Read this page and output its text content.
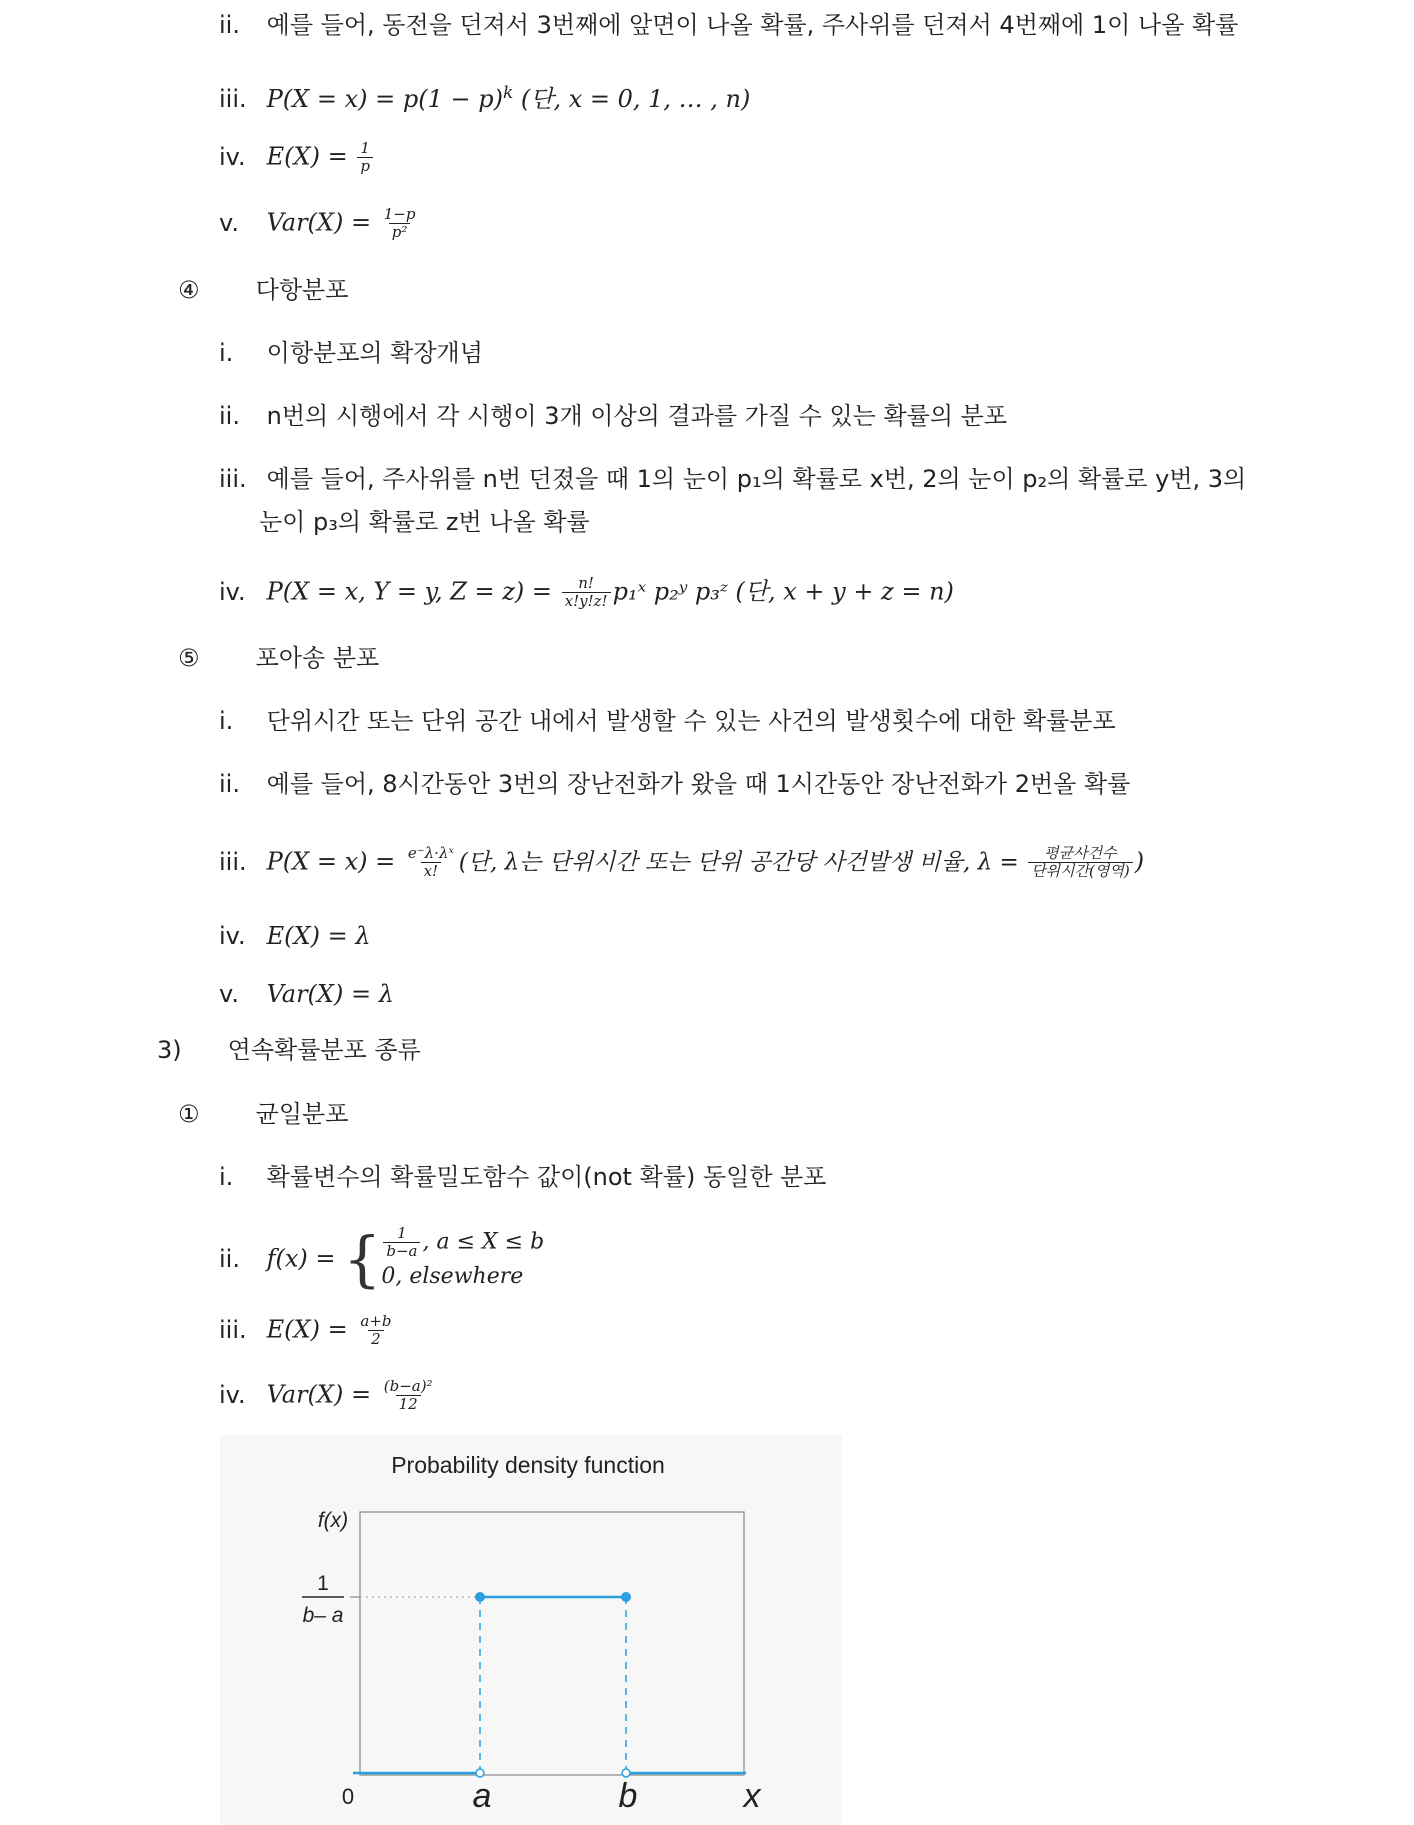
ii. 예를 들어, 동전을 던져서 3번째에 앞면이 나올 확률, 주사위를 던져서 4번째에 1이 나올 확률
iii. $P(X = x) = p(1 - p)^k$ (단, x = 0, 1, … , n)
iv. $E(X) = \frac{1}{p}$
v. $Var(X) = \frac{1-p}{\text{p²}}$
④ 다항분포
i. 이항분포의 확장개념
ii. n번의 시행에서 각 시행이 3개 이상의 결과를 가질 수 있는 확률의 분포
iii. 예를 들어, 주사위를 n번 던졌을 때 1의 눈이 p₁의 확률로 x번, 2의 눈이 p₂의 확률로 y번, 3의
눈이 p₃의 확률로 z번 나올 확률
iv. P(X = x, Y = y, $Z = z) = \frac{n!}{x!y!z!}$ p₁ˣ p₂ʸ p₃ᶻ (단, x + y + z = n)
⑤ 포아송 분포
i. 단위시간 또는 단위 공간 내에서 발생할 수 있는 사건의 발생횟수에 대한 확률분포
ii. 예를 들어, 8시간동안 3번의 장난전화가 왔을 때 1시간동안 장난전화가 2번올 확률
iii. $P(X = x) = \frac{\text{e⁻λ·λˣ}}{x!}$ (단, λ는 단위시간 또는 단위 공간당 사건발생 비율, $\lambda = \frac{\text{평균사건수}}{\text{단위시간(영역)}}$ )
iv. E(X) = λ
v. Var(X) = λ
3) 연속확률분포 종류
① 균일분포
i. 확률변수의 확률밀도함수 값이(not 확률) 동일한 분포
ii. f(x) = { $\frac{1}{b-a}$ , a ≤ X ≤ b
0, elsewhere
iii. $E(X) = \frac{a+b}{2}$
iv. $Var(X) = \frac{\text{(b−a)²}}{12}$
Probability density function
f(x)
1
b– a
0	a	b	x
